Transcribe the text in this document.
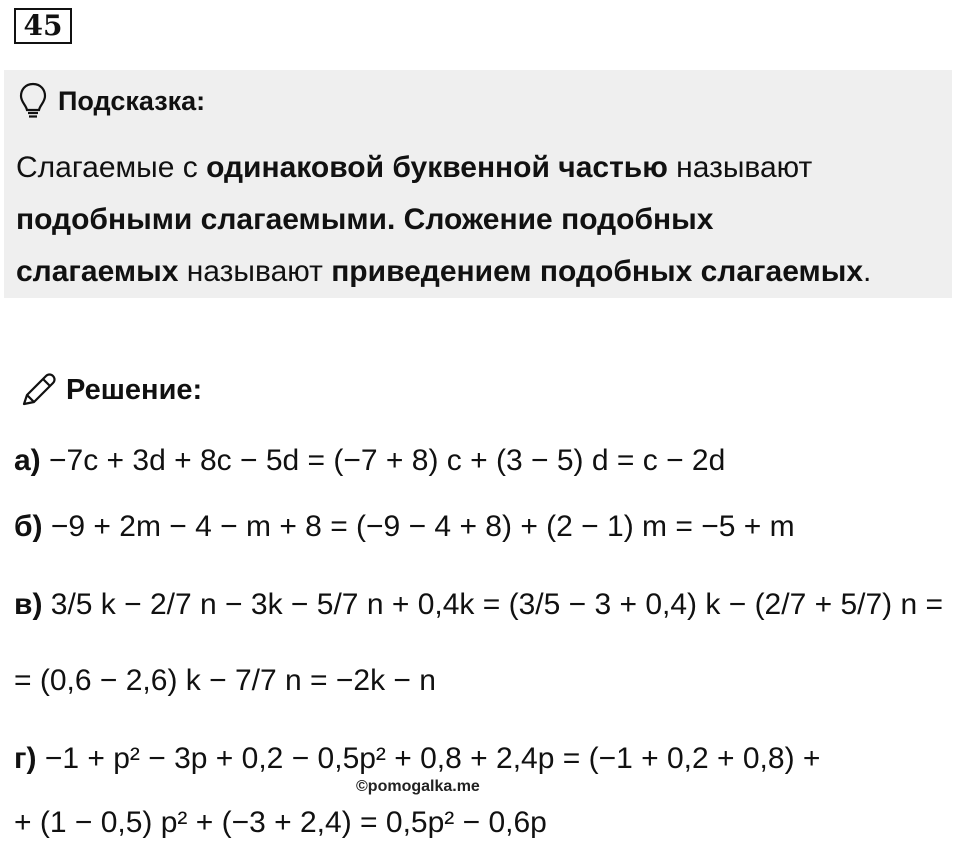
45
Подсказка:
Слагаемые с одинаковой буквенной частью называют
подобными слагаемыми. Сложение подобных
слагаемых называют приведением подобных слагаемых.
Решение:
а) −7c + 3d + 8c − 5d = (−7 + 8) c + (3 − 5) d = c − 2d
б) −9 + 2m − 4 − m + 8 = (−9 − 4 + 8) + (2 − 1) m = −5 + m
в) 3/5 k − 2/7 n − 3k − 5/7 n + 0,4k = (3/5 − 3 + 0,4) k − (2/7 + 5/7) n =
= (0,6 − 2,6) k − 7/7 n = −2k − n
г) −1 + p² − 3p + 0,2 − 0,5p² + 0,8 + 2,4p = (−1 + 0,2 + 0,8) +
+ (1 − 0,5) p² + (−3 + 2,4) = 0,5p² − 0,6p
©pomogalka.me
